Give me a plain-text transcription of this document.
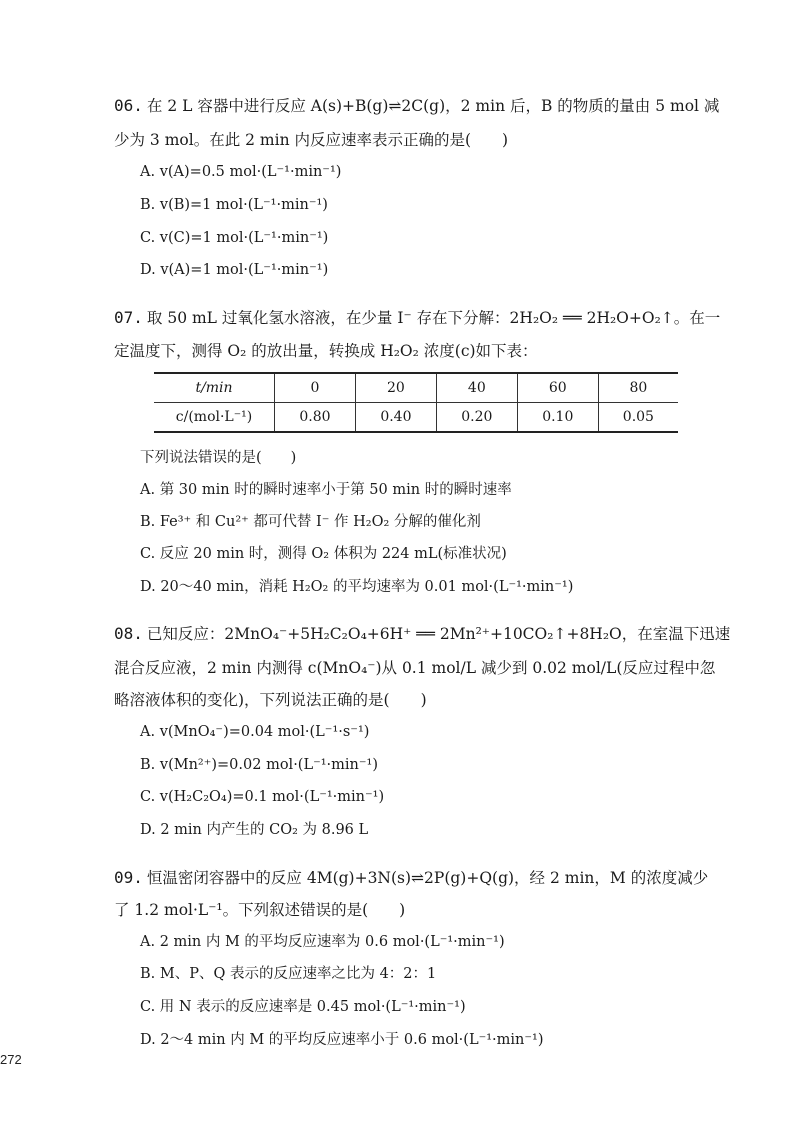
06. 在 2 L 容器中进行反应 A(s)+B(g)⇌2C(g)，2 min 后，B 的物质的量由 5 mol 减
少为 3 mol。在此 2 min 内反应速率表示正确的是(　　)
A. v(A)=0.5 mol·(L⁻¹·min⁻¹)
B. v(B)=1 mol·(L⁻¹·min⁻¹)
C. v(C)=1 mol·(L⁻¹·min⁻¹)
D. v(A)=1 mol·(L⁻¹·min⁻¹)
07. 取 50 mL 过氧化氢水溶液，在少量 I⁻ 存在下分解：2H₂O₂ ══ 2H₂O+O₂↑。在一
定温度下，测得 O₂ 的放出量，转换成 H₂O₂ 浓度(c)如下表：
t/min	0	20	40	60	80
c/(mol·L⁻¹)	0.80	0.40	0.20	0.10	0.05
下列说法错误的是(　　)
A. 第 30 min 时的瞬时速率小于第 50 min 时的瞬时速率
B. Fe³⁺ 和 Cu²⁺ 都可代替 I⁻ 作 H₂O₂ 分解的催化剂
C. 反应 20 min 时，测得 O₂ 体积为 224 mL(标准状况)
D. 20～40 min，消耗 H₂O₂ 的平均速率为 0.01 mol·(L⁻¹·min⁻¹)
08. 已知反应：2MnO₄⁻+5H₂C₂O₄+6H⁺ ══ 2Mn²⁺+10CO₂↑+8H₂O，在室温下迅速
混合反应液，2 min 内测得 c(MnO₄⁻)从 0.1 mol/L 减少到 0.02 mol/L(反应过程中忽
略溶液体积的变化)，下列说法正确的是(　　)
A. v(MnO₄⁻)=0.04 mol·(L⁻¹·s⁻¹)
B. v(Mn²⁺)=0.02 mol·(L⁻¹·min⁻¹)
C. v(H₂C₂O₄)=0.1 mol·(L⁻¹·min⁻¹)
D. 2 min 内产生的 CO₂ 为 8.96 L
09. 恒温密闭容器中的反应 4M(g)+3N(s)⇌2P(g)+Q(g)，经 2 min，M 的浓度减少
了 1.2 mol·L⁻¹。下列叙述错误的是(　　)
A. 2 min 内 M 的平均反应速率为 0.6 mol·(L⁻¹·min⁻¹)
B. M、P、Q 表示的反应速率之比为 4：2：1
C. 用 N 表示的反应速率是 0.45 mol·(L⁻¹·min⁻¹)
D. 2～4 min 内 M 的平均反应速率小于 0.6 mol·(L⁻¹·min⁻¹)
272
